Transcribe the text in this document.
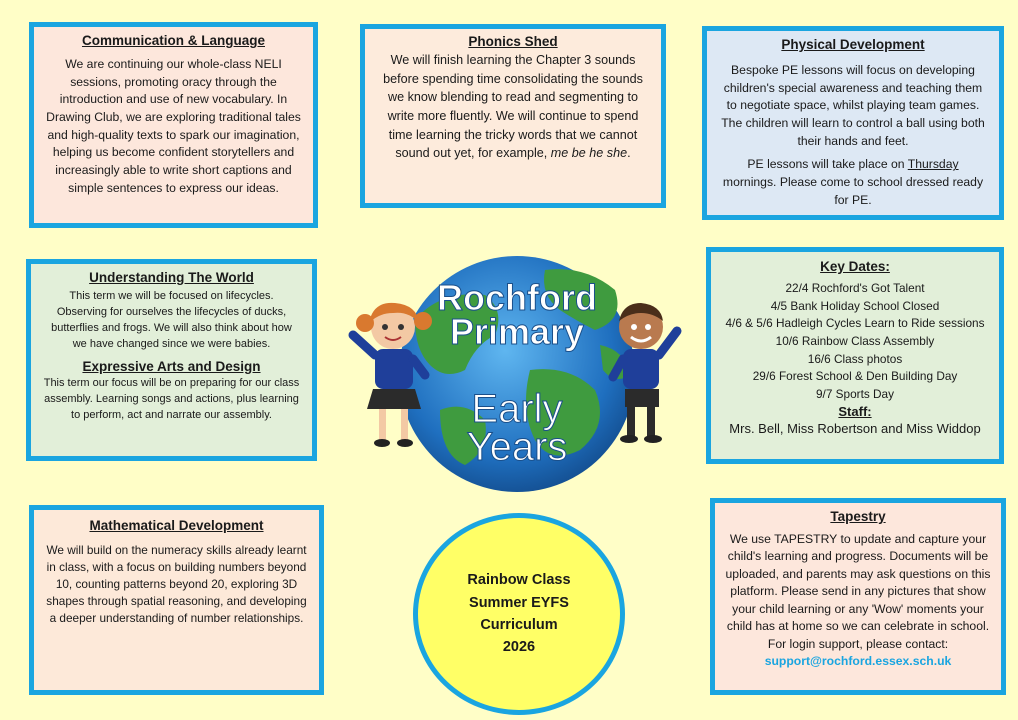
Communication & Language
We are continuing our whole-class NELI sessions, promoting oracy through the introduction and use of new vocabulary. In Drawing Club, we are exploring traditional tales and high-quality texts to spark our imagination, helping us become confident storytellers and increasingly able to write short captions and simple sentences to express our ideas.
Phonics Shed
We will finish learning the Chapter 3 sounds before spending time consolidating the sounds we know blending to read and segmenting to write more fluently. We will continue to spend time learning the tricky words that we cannot sound out yet, for example, me be he she.
Physical Development
Bespoke PE lessons will focus on developing children's special awareness and teaching them to negotiate space, whilst playing team games. The children will learn to control a ball using both their hands and feet.
PE lessons will take place on Thursday mornings. Please come to school dressed ready for PE.
Understanding The World
This term we will be focused on lifecycles. Observing for ourselves the lifecycles of ducks, butterflies and frogs. We will also think about how we have changed since we were babies.
Expressive Arts and Design
This term our focus will be on preparing for our class assembly. Learning songs and actions, plus learning to perform, act and narrate our assembly.
Rochford
Primary
Early
Years
Key Dates:
22/4 Rochford's Got Talent
4/5 Bank Holiday School Closed
4/6 & 5/6 Hadleigh Cycles Learn to Ride sessions
10/6 Rainbow Class Assembly
16/6 Class photos
29/6 Forest School & Den Building Day
9/7 Sports Day
Staff:
Mrs. Bell, Miss Robertson and Miss Widdop
Mathematical Development
We will build on the numeracy skills already learnt in class, with a focus on building numbers beyond 10, counting patterns beyond 20, exploring 3D shapes through spatial reasoning, and developing a deeper understanding of number relationships.
Rainbow Class
Summer EYFS
Curriculum
2026
Tapestry
We use TAPESTRY to update and capture your child's learning and progress. Documents will be uploaded, and parents may ask questions on this platform. Please send in any pictures that show your child learning or any 'Wow' moments your child has at home so we can celebrate in school. For login support, please contact: support@rochford.essex.sch.uk
